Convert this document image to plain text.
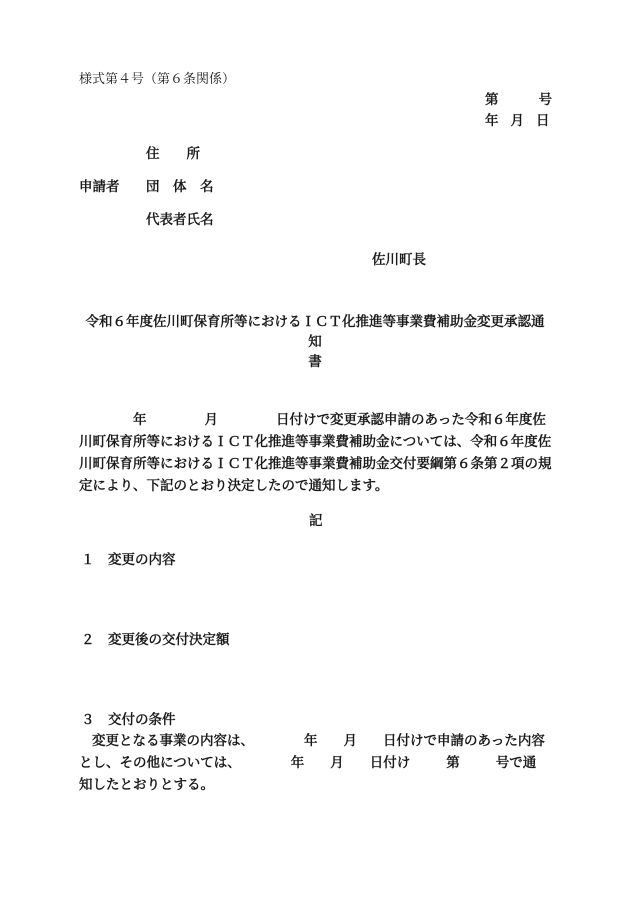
様式第４号（第６条関係）
第	号
年 月 日
住　　所
申請者 団　体　名
代表者氏名
佐川町長
令和６年度佐川町保育所等におけるＩＣＴ化推進等事業費補助金変更承認通知
書
年	月	日付けで変更承認申請のあった令和６年度佐川町保育所等におけるＩＣＴ化推進等事業費補助金については、令和６年度佐川町保育所等におけるＩＣＴ化推進等事業費補助金交付要綱第６条第２項の規定により、下記のとおり決定したので通知します。
記
１　変更の内容
２　変更後の交付決定額
３　交付の条件
変更となる事業の内容は、	年 月 日付けで申請のあった内容
とし、その他については、	年 月 日付け	第	号で通
知したとおりとする。
